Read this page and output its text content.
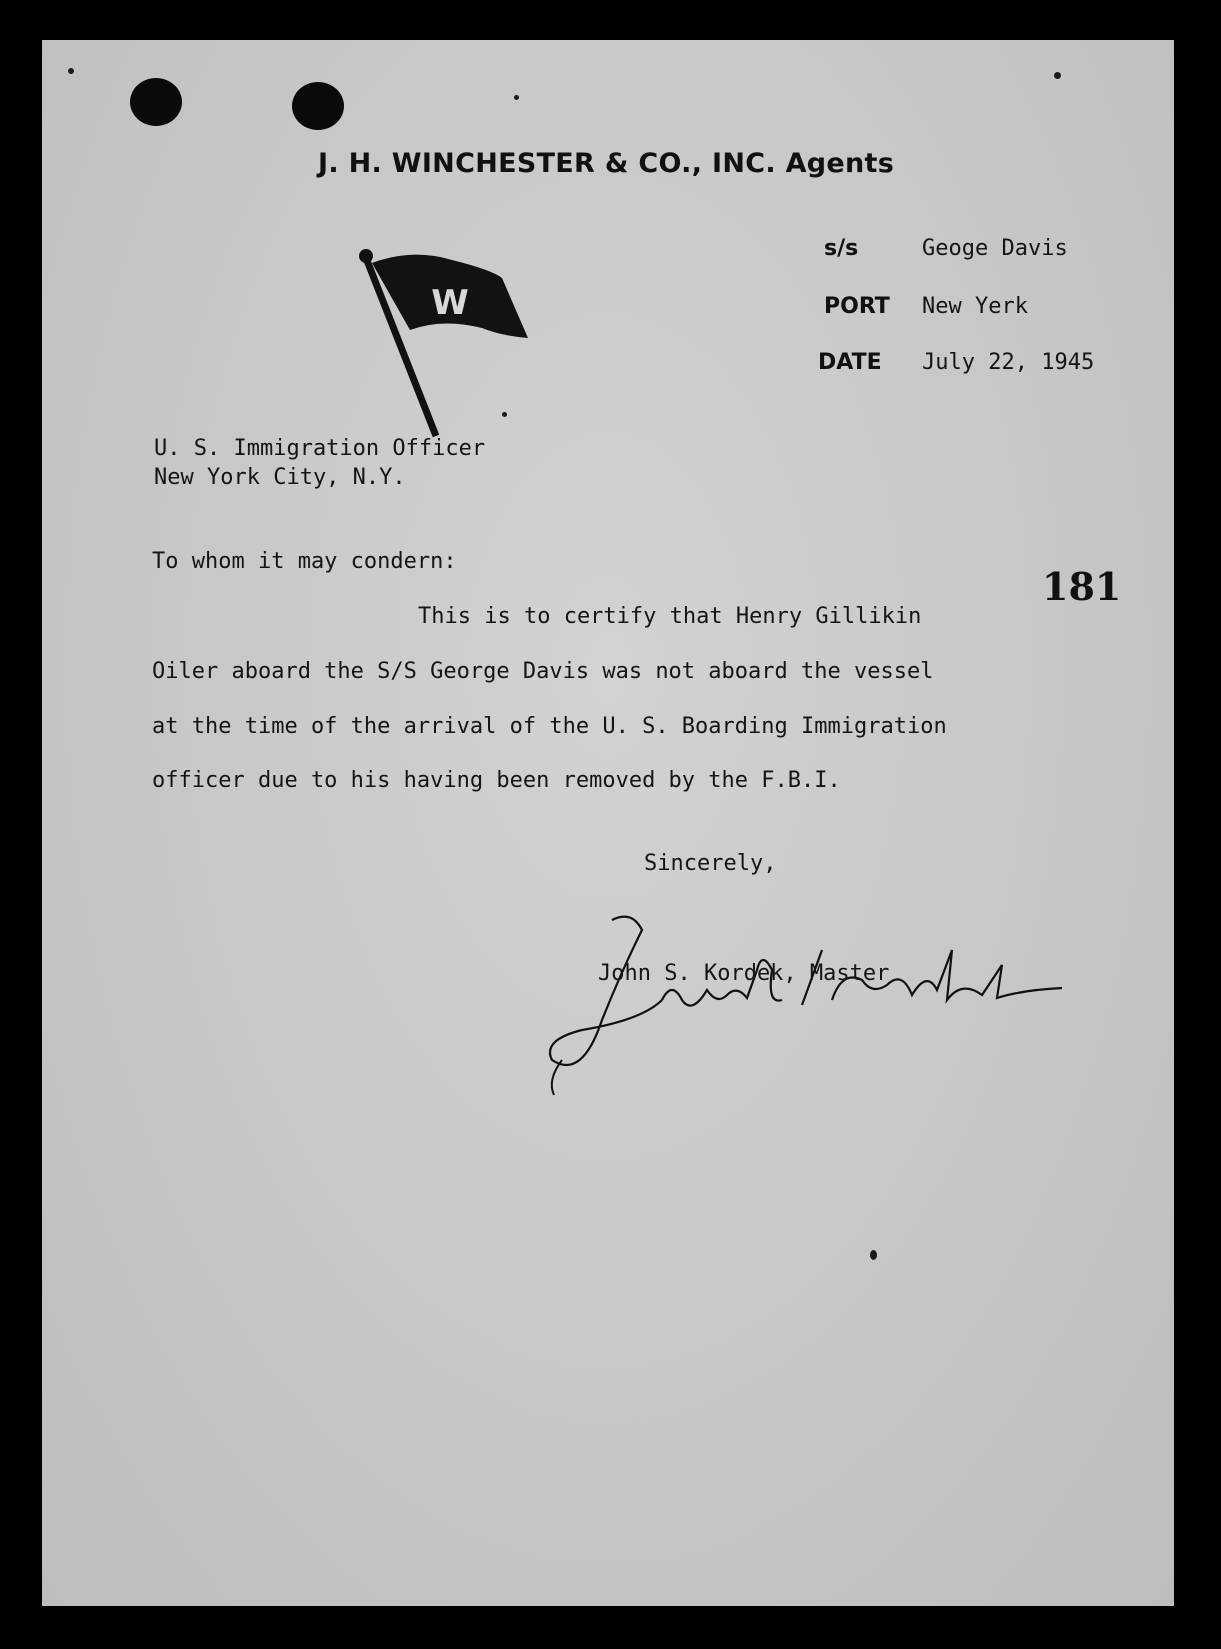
J. H. WINCHESTER & CO., INC. Agents
W
s/s	Geoge Davis
PORT New Yerk
DATE July 22, 1945
U. S. Immigration Officer
New York City, N.Y.
181
To whom it may condern:
This is to certify that Henry Gillikin
Oiler aboard the S/S George Davis was not aboard the vessel
at the time of the arrival of the U. S. Boarding Immigration
officer due to his having been removed by the F.B.I.
Sincerely,
John S. Kordek, Master
